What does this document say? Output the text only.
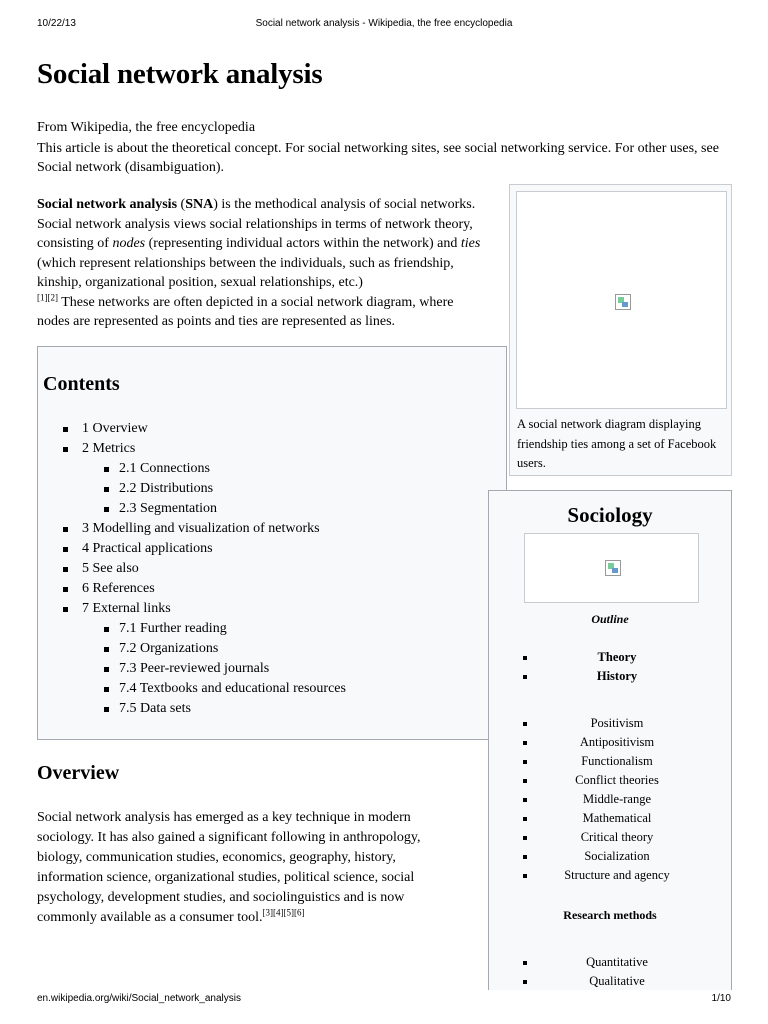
10/22/13	Social network analysis - Wikipedia, the free encyclopedia
Social network analysis
From Wikipedia, the free encyclopedia
This article is about the theoretical concept. For social networking sites, see social networking service. For other uses, see Social network (disambiguation).
Social network analysis (SNA) is the methodical analysis of social networks. Social network analysis views social relationships in terms of network theory, consisting of nodes (representing individual actors within the network) and ties (which represent relationships between the individuals, such as friendship, kinship, organizational position, sexual relationships, etc.)
[1][2] These networks are often depicted in a social network diagram, where nodes are represented as points and ties are represented as lines.
A social network diagram displaying friendship ties among a set of Facebook users.
Contents
1 Overview
2 Metrics
2.1 Connections
2.2 Distributions
2.3 Segmentation
3 Modelling and visualization of networks
4 Practical applications
5 See also
6 References
7 External links
7.1 Further reading
7.2 Organizations
7.3 Peer-reviewed journals
7.4 Textbooks and educational resources
7.5 Data sets
Overview
Social network analysis has emerged as a key technique in modern sociology. It has also gained a significant following in anthropology, biology, communication studies, economics, geography, history, information science, organizational studies, political science, social psychology, development studies, and sociolinguistics and is now commonly available as a consumer tool.[3][4][5][6]
Sociology
Outline
Theory
History
Positivism
Antipositivism
Functionalism
Conflict theories
Middle-range
Mathematical
Critical theory
Socialization
Structure and agency
Research methods
Quantitative
Qualitative
en.wikipedia.org/wiki/Social_network_analysis	1/10
